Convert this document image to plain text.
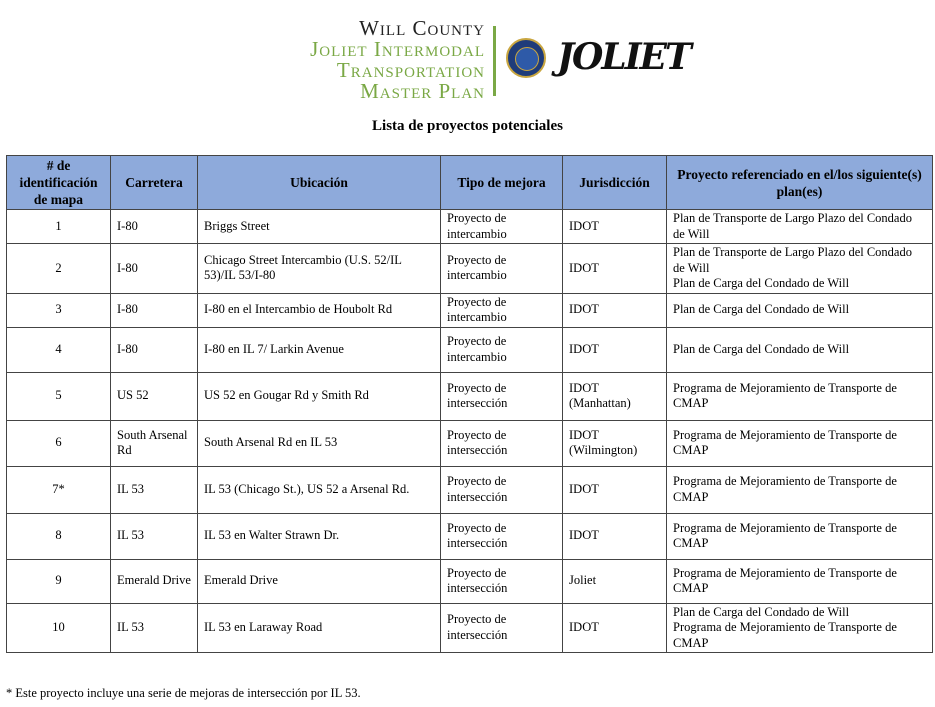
Will County
Joliet Intermodal
Transportation
Master Plan
JOLIET
Lista de proyectos potenciales
# de identificación de mapa	Carretera	Ubicación	Tipo de mejora	Jurisdicción	Proyecto referenciado en el/los siguiente(s) plan(es)
1	I-80	Briggs Street	Proyecto de intercambio	IDOT	Plan de Transporte de Largo Plazo del Condado de Will

2	I-80	Chicago Street Intercambio (U.S. 52/IL 53)/IL 53/I-80	Proyecto de intercambio	IDOT	Plan de Transporte de Largo Plazo del Condado de Will
Plan de Carga del Condado de Will

3	I-80	I-80 en el Intercambio de Houbolt Rd	Proyecto de intercambio	IDOT	Plan de Carga del Condado de Will

4	I-80	I-80 en IL 7/ Larkin Avenue	Proyecto de intercambio	IDOT	Plan de Carga del Condado de Will

5	US 52	US 52 en Gougar Rd y Smith Rd	Proyecto de intersección	IDOT (Manhattan)	Programa de Mejoramiento de Transporte de CMAP

6	South Arsenal Rd	South Arsenal Rd en IL 53	Proyecto de intersección	IDOT (Wilmington)	Programa de Mejoramiento de Transporte de CMAP

7*	IL 53	IL 53 (Chicago St.), US 52 a Arsenal Rd.	Proyecto de intersección	IDOT	Programa de Mejoramiento de Transporte de CMAP

8	IL 53	IL 53 en Walter Strawn Dr.	Proyecto de intersección	IDOT	Programa de Mejoramiento de Transporte de CMAP

9	Emerald Drive	Emerald Drive	Proyecto de intersección	Joliet	Programa de Mejoramiento de Transporte de CMAP

10	IL 53	IL 53 en Laraway Road	Proyecto de intersección	IDOT	Plan de Carga del Condado de Will
Programa de Mejoramiento de Transporte de CMAP
* Este proyecto incluye una serie de mejoras de intersección por IL 53.
